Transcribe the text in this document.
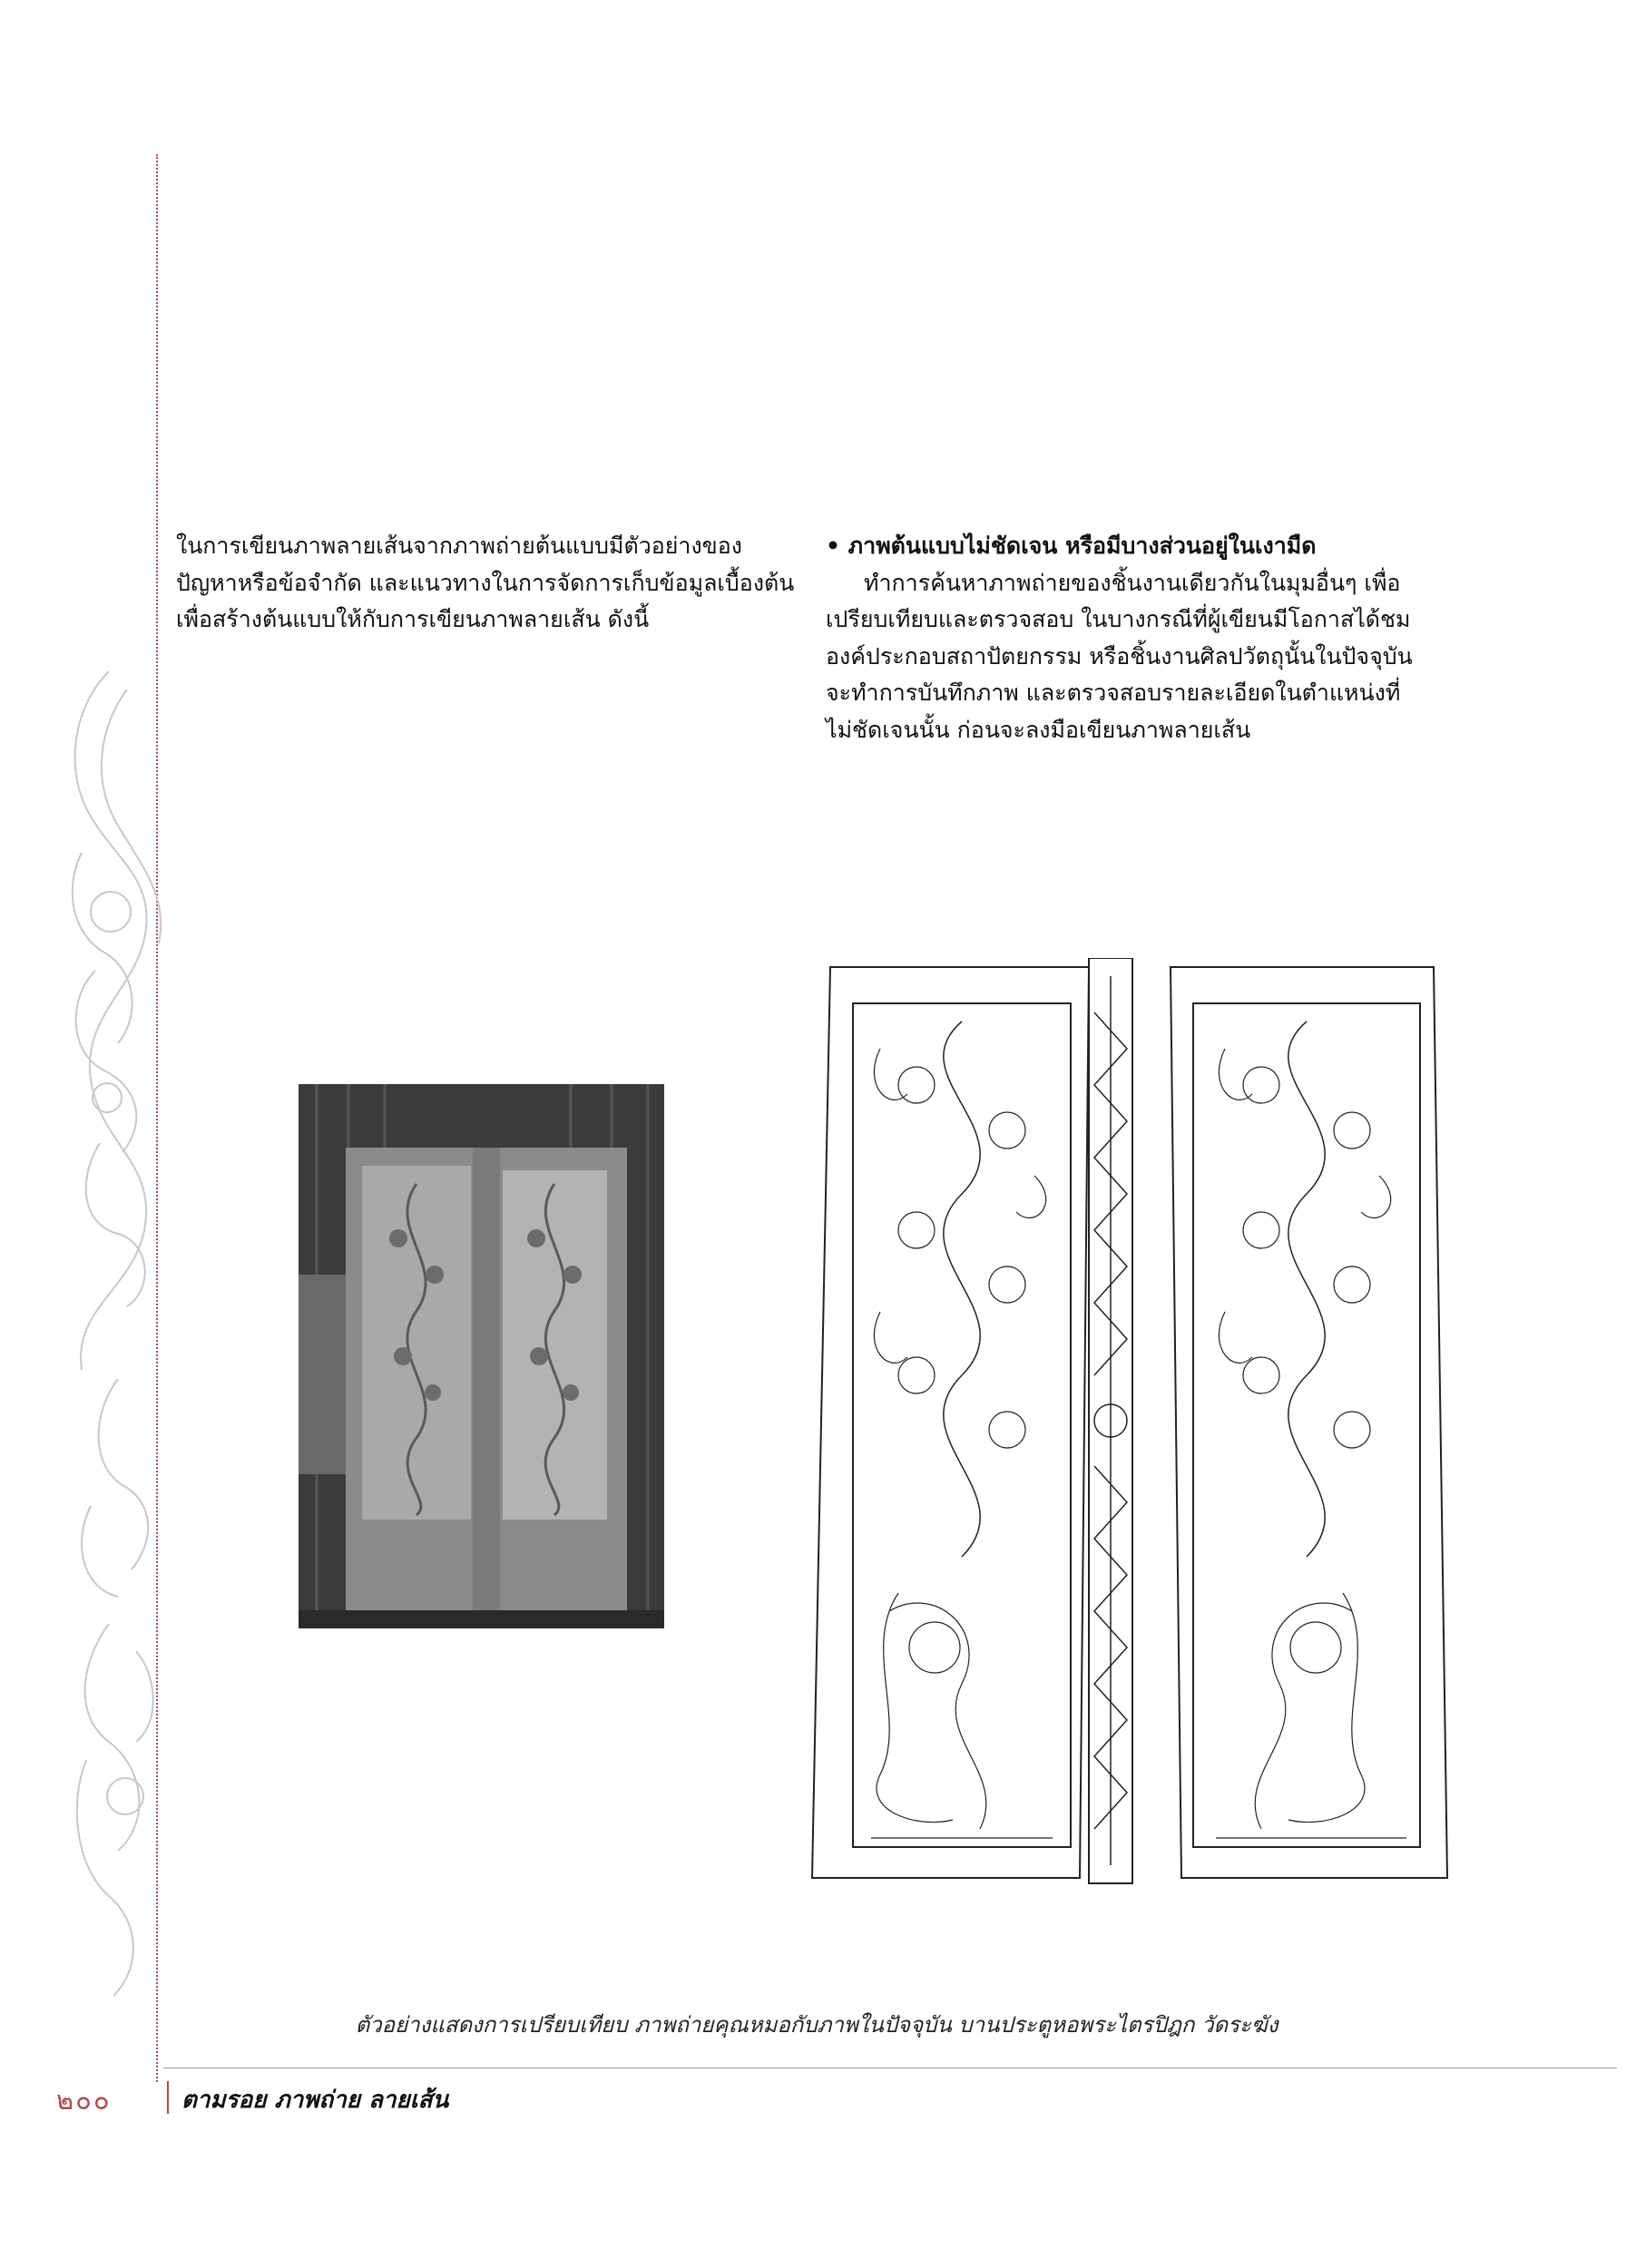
ในการเขียนภาพลายเส้นจากภาพถ่ายต้นแบบมีตัวอย่างของ

ปัญหาหรือข้อจำกัด และแนวทางในการจัดการเก็บข้อมูลเบื้องต้น

เพื่อสร้างต้นแบบให้กับการเขียนภาพลายเส้น ดังนี้

• ภาพต้นแบบไม่ชัดเจน หรือมีบางส่วนอยู่ในเงามืด

ทำการค้นหาภาพถ่ายของชิ้นงานเดียวกันในมุมอื่นๆ เพื่อ

เปรียบเทียบและตรวจสอบ ในบางกรณีที่ผู้เขียนมีโอกาสได้ชม

องค์ประกอบสถาปัตยกรรม หรือชิ้นงานศิลปวัตถุนั้นในปัจจุบัน

จะทำการบันทึกภาพ และตรวจสอบรายละเอียดในตำแหน่งที่

ไม่ชัดเจนนั้น ก่อนจะลงมือเขียนภาพลายเส้น

ตัวอย่างแสดงการเปรียบเทียบ ภาพถ่ายคุณหมอกับภาพในปัจจุบัน บานประตูหอพระไตรปิฎก วัดระฆัง
๒๐๐	ตามรอย ภาพถ่าย ลายเส้น
